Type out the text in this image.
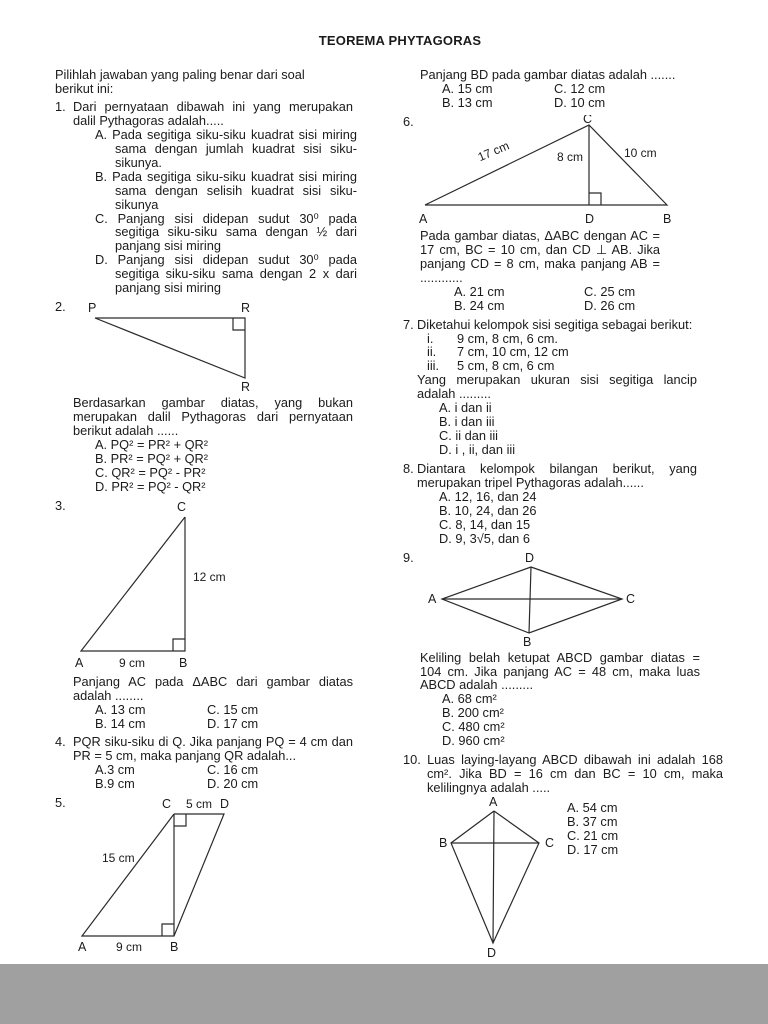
TEOREMA PHYTAGORAS
Pilihlah jawaban yang paling benar dari soal berikut ini:
1. Dari pernyataan dibawah ini yang merupakan dalil Pythagoras adalah.....
A. Pada segitiga siku-siku kuadrat sisi miring sama dengan jumlah kuadrat sisi siku-sikunya.
B. Pada segitiga siku-siku kuadrat sisi miring sama dengan selisih kuadrat sisi siku-sikunya
C. Panjang sisi didepan sudut 30⁰ pada segitiga siku-siku sama dengan ½ dari panjang sisi miring
D. Panjang sisi didepan sudut 30⁰ pada segitiga siku-siku sama dengan 2 x dari panjang sisi miring
2.	P	R
R
Berdasarkan gambar diatas, yang bukan merupakan dalil Pythagoras dari pernyataan berikut adalah ......
A. PQ² = PR² + QR²
B. PR² = PQ² + QR²
C. QR² = PQ² - PR²
D. PR² = PQ² - QR²
3.	C
12 cm
A	9 cm	B
Panjang AC pada ΔABC dari gambar diatas adalah ........
A. 13 cm	C. 15 cm
B. 14 cm	D. 17 cm
4. PQR siku-siku di Q. Jika panjang PQ = 4 cm dan PR = 5 cm, maka panjang QR adalah...
A.3 cm	C. 16 cm
B.9 cm	D. 20 cm
5.	C 5 cm D
15 cm
A 9 cm B
Panjang BD pada gambar diatas adalah .......
A. 15 cm	C. 12 cm
B. 13 cm	D. 10 cm
6.	C
17 cm	8 cm	10 cm
A	D	B
Pada gambar diatas, ΔABC dengan AC = 17 cm, BC = 10 cm, dan CD ⊥ AB. Jika panjang CD = 8 cm, maka panjang AB = ............
A. 21 cm	C. 25 cm
B. 24 cm	D. 26 cm
7. Diketahui kelompok sisi segitiga sebagai berikut:
i. 9 cm, 8 cm, 6 cm.
ii. 7 cm, 10 cm, 12 cm
iii. 5 cm, 8 cm, 6 cm
Yang merupakan ukuran sisi segitiga lancip adalah .........
A. i dan ii
B. i dan iii
C. ii dan iii
D. i , ii, dan iii
8. Diantara kelompok bilangan berikut, yang merupakan tripel Pythagoras adalah......
A. 12, 16, dan 24
B. 10, 24, dan 26
C. 8, 14, dan 15
D. 9, 3√5, dan 6
9.	D
A	C
B
Keliling belah ketupat ABCD gambar diatas = 104 cm. Jika panjang AC = 48 cm, maka luas ABCD adalah .........
A. 68 cm²
B. 200 cm²
C. 480 cm²
D. 960 cm²
10. Luas laying-layang ABCD dibawah ini adalah 168 cm². Jika BD = 16 cm dan BC = 10 cm, maka kelilingnya adalah .....
A
B	C
D
A. 54 cm
B. 37 cm
C. 21 cm
D. 17 cm
